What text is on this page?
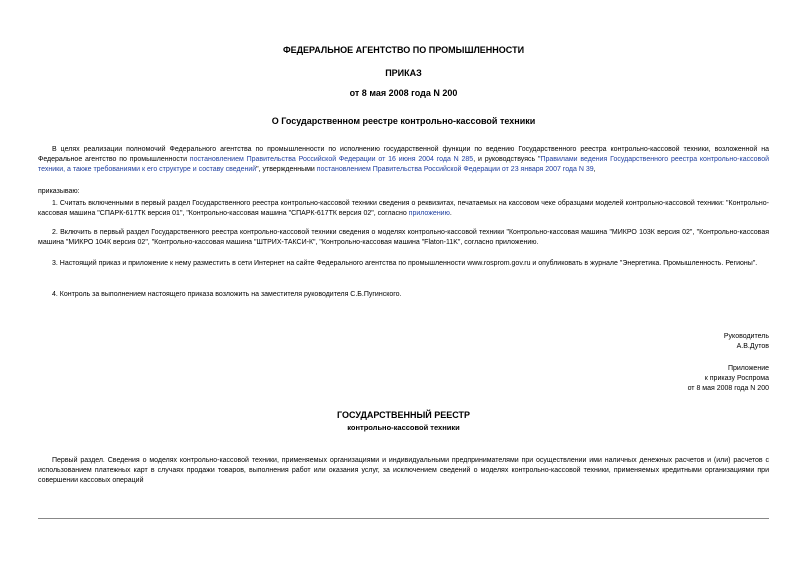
ФЕДЕРАЛЬНОЕ АГЕНТСТВО ПО ПРОМЫШЛЕННОСТИ
ПРИКАЗ
от 8 мая 2008 года N 200
О Государственном реестре контрольно-кассовой техники

В целях реализации полномочий Федерального агентства по промышленности по исполнению государственной функции по ведению Государственного реестра контрольно-кассовой техники, возложенной на Федеральное агентство по промышленности постановлением Правительства Российской Федерации от 16 июня 2004 года N 285, и руководствуясь "Правилами ведения Государственного реестра контрольно-кассовой техники, а также требованиями к его структуре и составу сведений", утвержденными постановлением Правительства Российской Федерации от 23 января 2007 года N 39,

приказываю:

1. Считать включенными в первый раздел Государственного реестра контрольно-кассовой техники сведения о реквизитах, печатаемых на кассовом чеке образцами моделей контрольно-кассовой техники: "Контрольно-кассовая машина "СПАРК-617ТК версия 01", "Контрольно-кассовая машина "СПАРК-617ТК версия 02", согласно приложению.

2. Включить в первый раздел Государственного реестра контрольно-кассовой техники сведения о моделях контрольно-кассовой техники "Контрольно-кассовая машина "МИКРО 103К версия 02", "Контрольно-кассовая машина "МИКРО 104К версия 02", "Контрольно-кассовая машина "ШТРИХ-ТАКСИ-К", "Контрольно-кассовая машина "Flaton-11K", согласно приложению.

3. Настоящий приказ и приложение к нему разместить в сети Интернет на сайте Федерального агентства по промышленности www.rosprom.gov.ru и опубликовать в журнале "Энергетика. Промышленность. Регионы".

4. Контроль за выполнением настоящего приказа возложить на заместителя руководителя С.Б.Пугинского.

Руководитель
А.В.Дутов
Приложение
к приказу Роспрома
от 8 мая 2008 года N 200
ГОСУДАРСТВЕННЫЙ РЕЕСТР
контрольно-кассовой техники

Первый раздел. Сведения о моделях контрольно-кассовой техники, применяемых организациями и индивидуальными предпринимателями при осуществлении ими наличных денежных расчетов и (или) расчетов с использованием платежных карт в случаях продажи товаров, выполнения работ или оказания услуг, за исключением сведений о моделях контрольно-кассовой техники, применяемых кредитными организациями при совершении кассовых операций
